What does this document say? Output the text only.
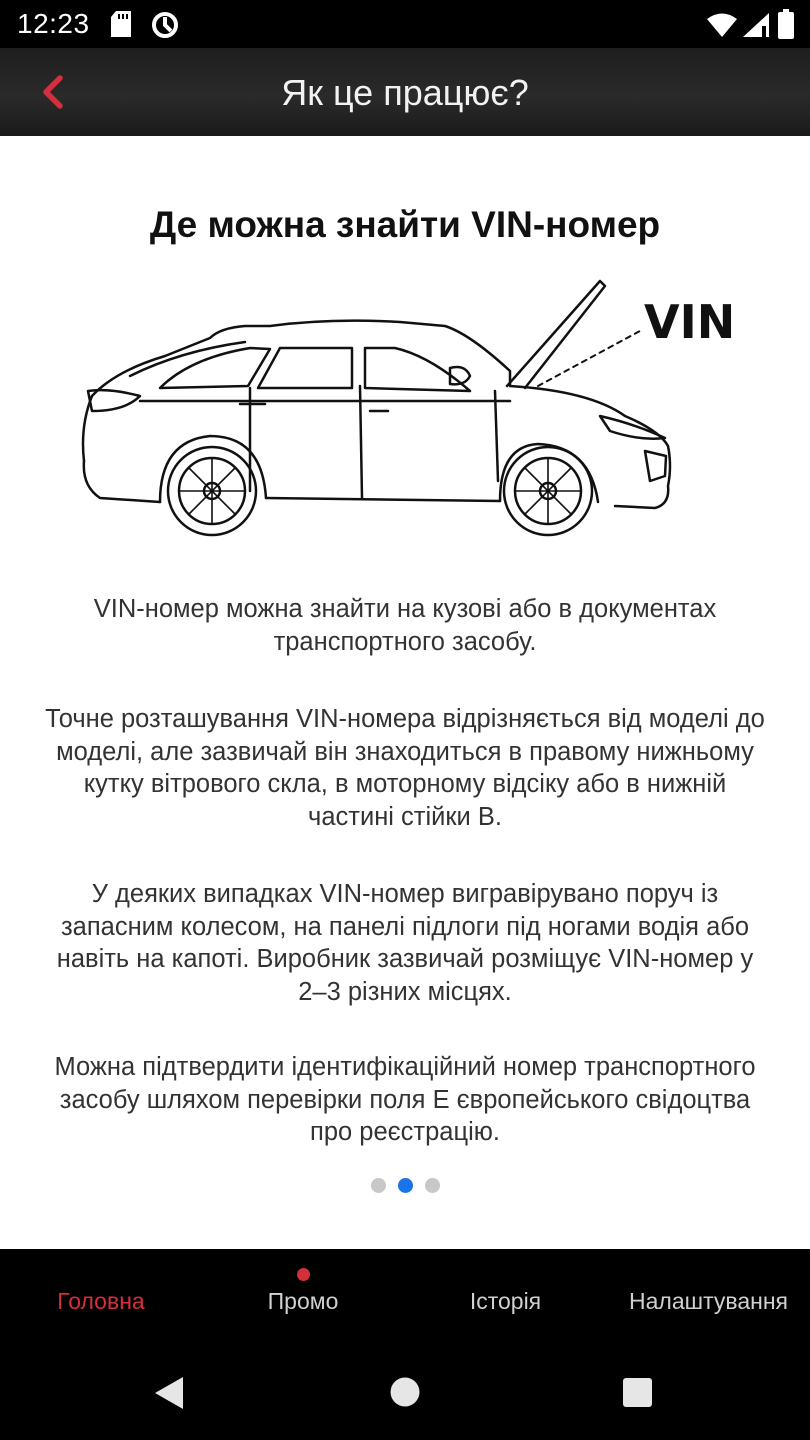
12:23
Як це працює?
Де можна знайти VIN-номер
VIN

VIN-номер можна знайти на кузові або в документах транспортного засобу.

Точне розташування VIN-номера відрізняється від моделі до моделі, але зазвичай він знаходиться в правому нижньому кутку вітрового скла, в моторному відсіку або в нижній частині стійки B.

У деяких випадках VIN-номер вигравірувано поруч із запасним колесом, на панелі підлоги під ногами водія або навіть на капоті. Виробник зазвичай розміщує VIN-номер у 2–3 різних місцях.

Можна підтвердити ідентифікаційний номер транспортного засобу шляхом перевірки поля E європейського свідоцтва про реєстрацію.

Головна	Промо	Історія	Налаштування
